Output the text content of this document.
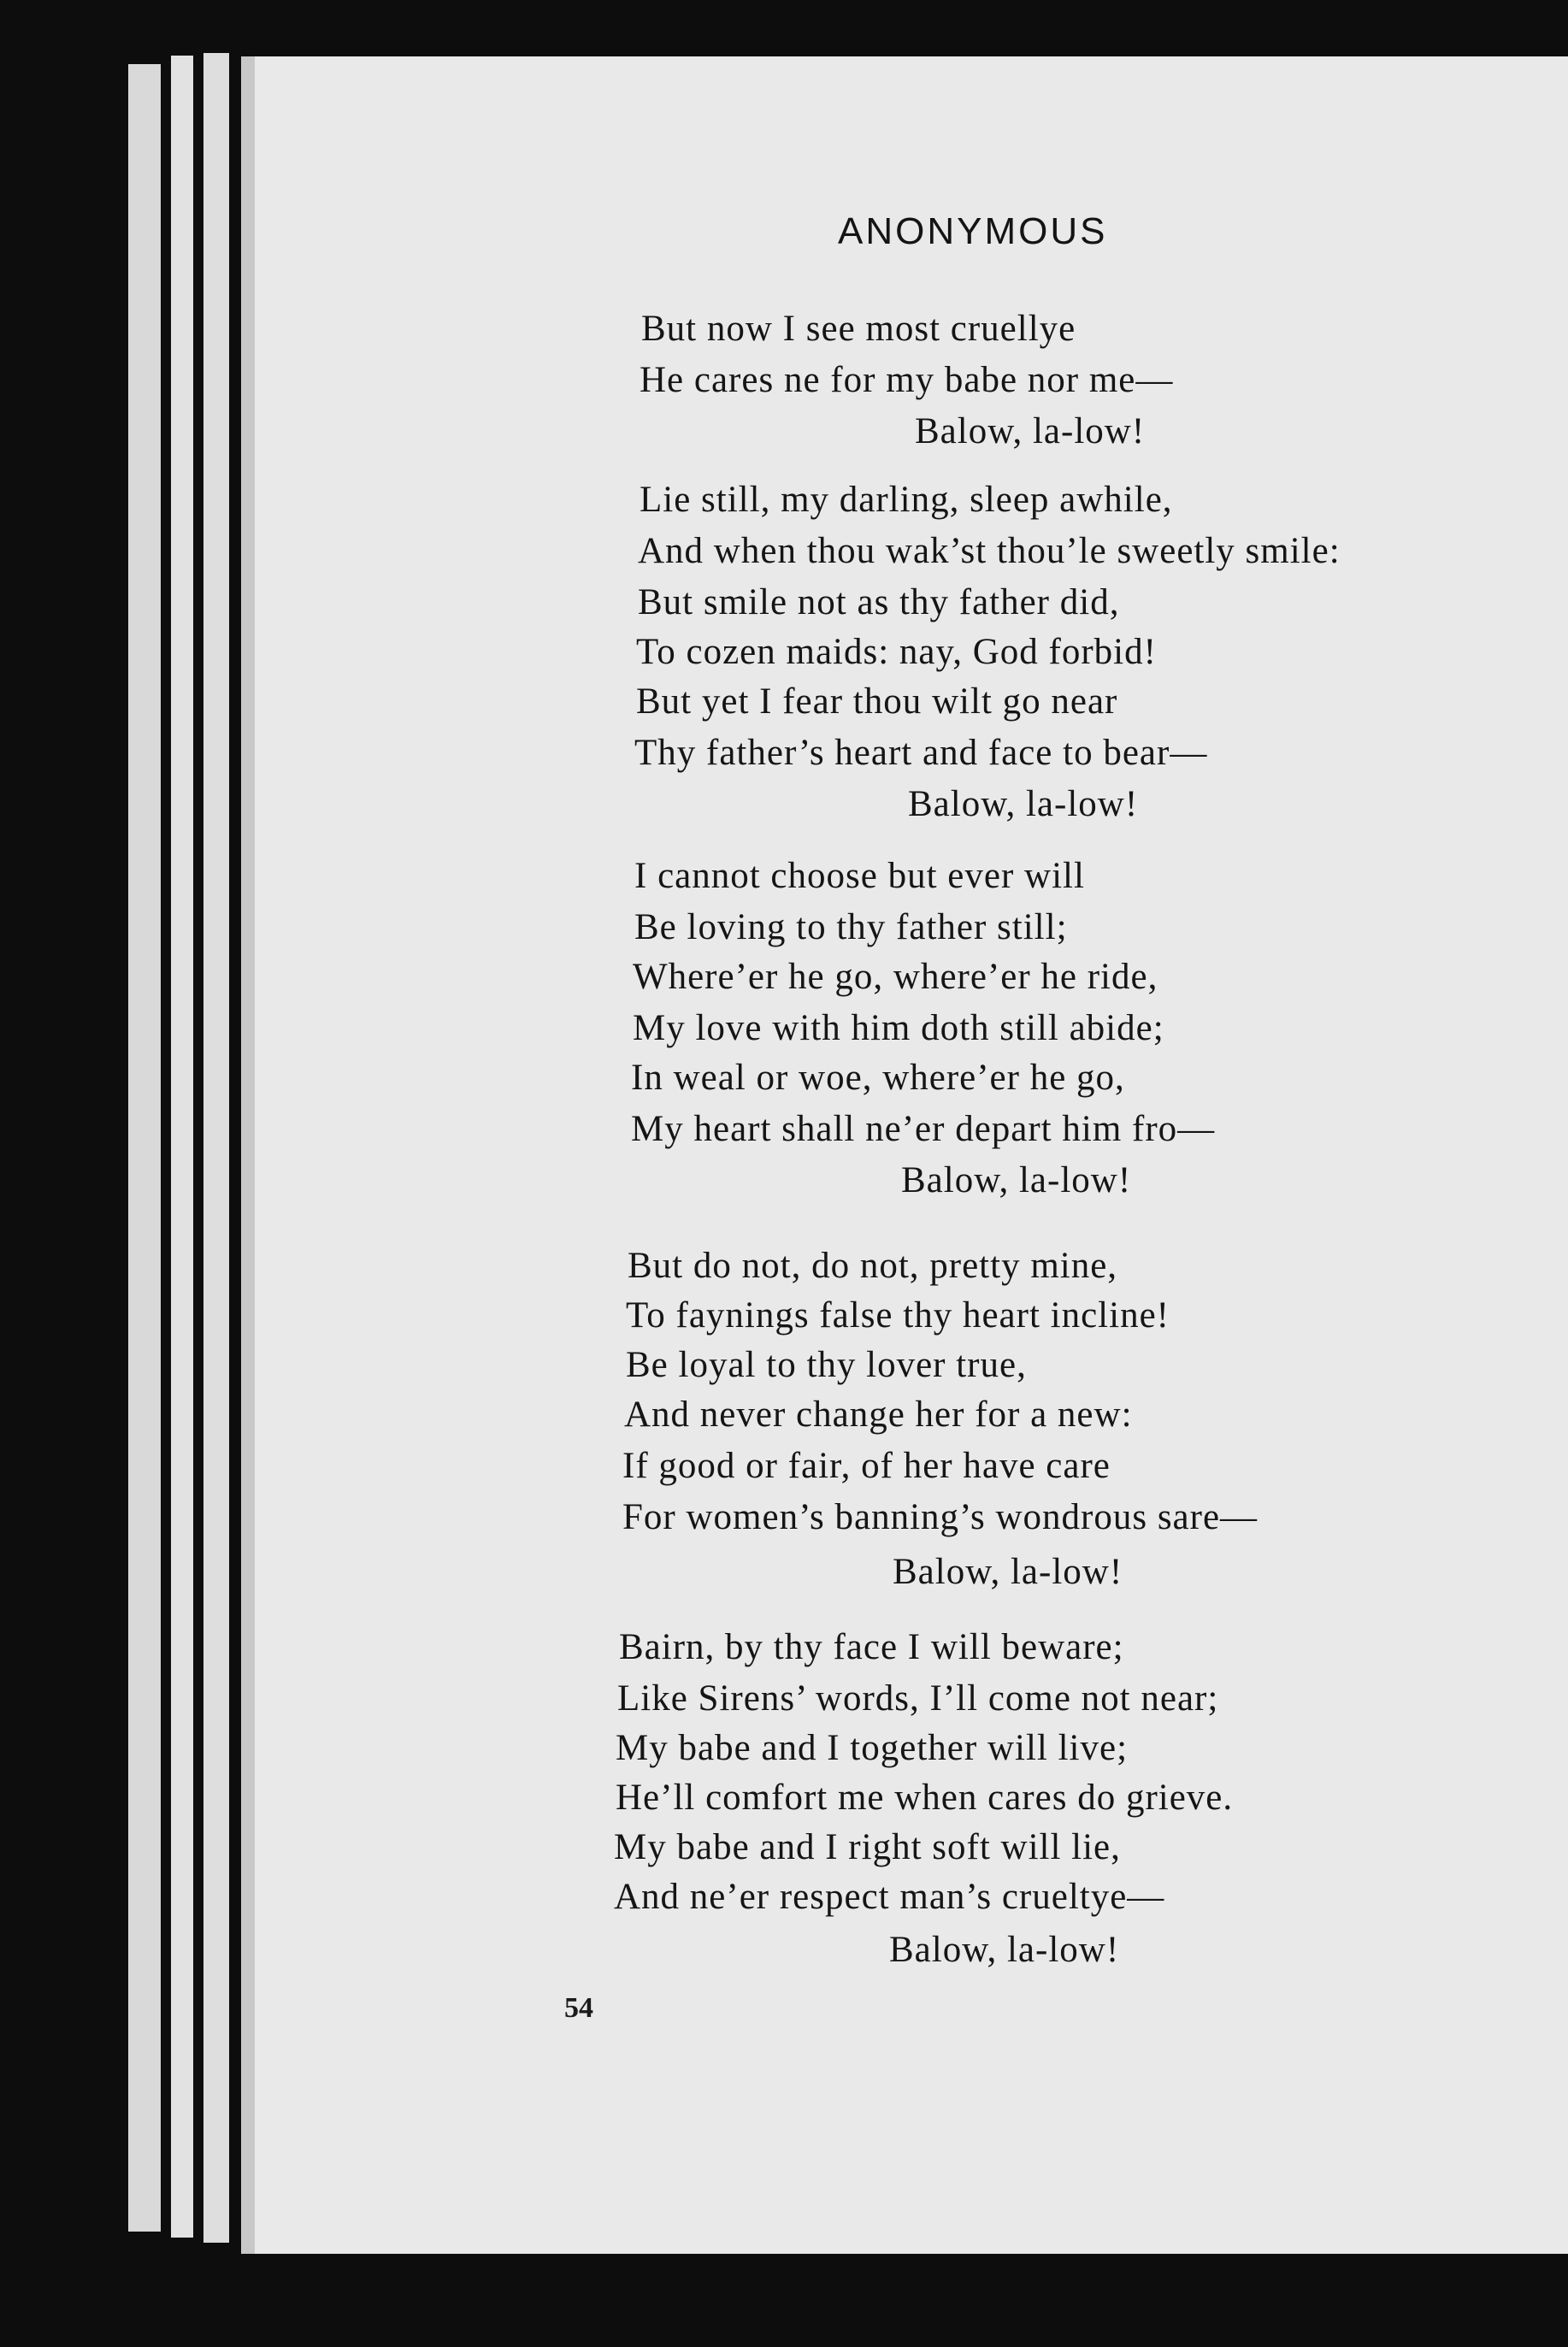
ANONYMOUS
But now I see most cruellye
He cares ne for my babe nor me—
Balow, la-low!
Lie still, my darling, sleep awhile,
And when thou wak’st thou’le sweetly smile:
But smile not as thy father did,
To cozen maids: nay, God forbid!
But yet I fear thou wilt go near
Thy father’s heart and face to bear—
Balow, la-low!
I cannot choose but ever will
Be loving to thy father still;
Where’er he go, where’er he ride,
My love with him doth still abide;
In weal or woe, where’er he go,
My heart shall ne’er depart him fro—
Balow, la-low!
But do not, do not, pretty mine,
To faynings false thy heart incline!
Be loyal to thy lover true,
And never change her for a new:
If good or fair, of her have care
For women’s banning’s wondrous sare—
Balow, la-low!
Bairn, by thy face I will beware;
Like Sirens’ words, I’ll come not near;
My babe and I together will live;
He’ll comfort me when cares do grieve.
My babe and I right soft will lie,
And ne’er respect man’s crueltye—
Balow, la-low!
54
